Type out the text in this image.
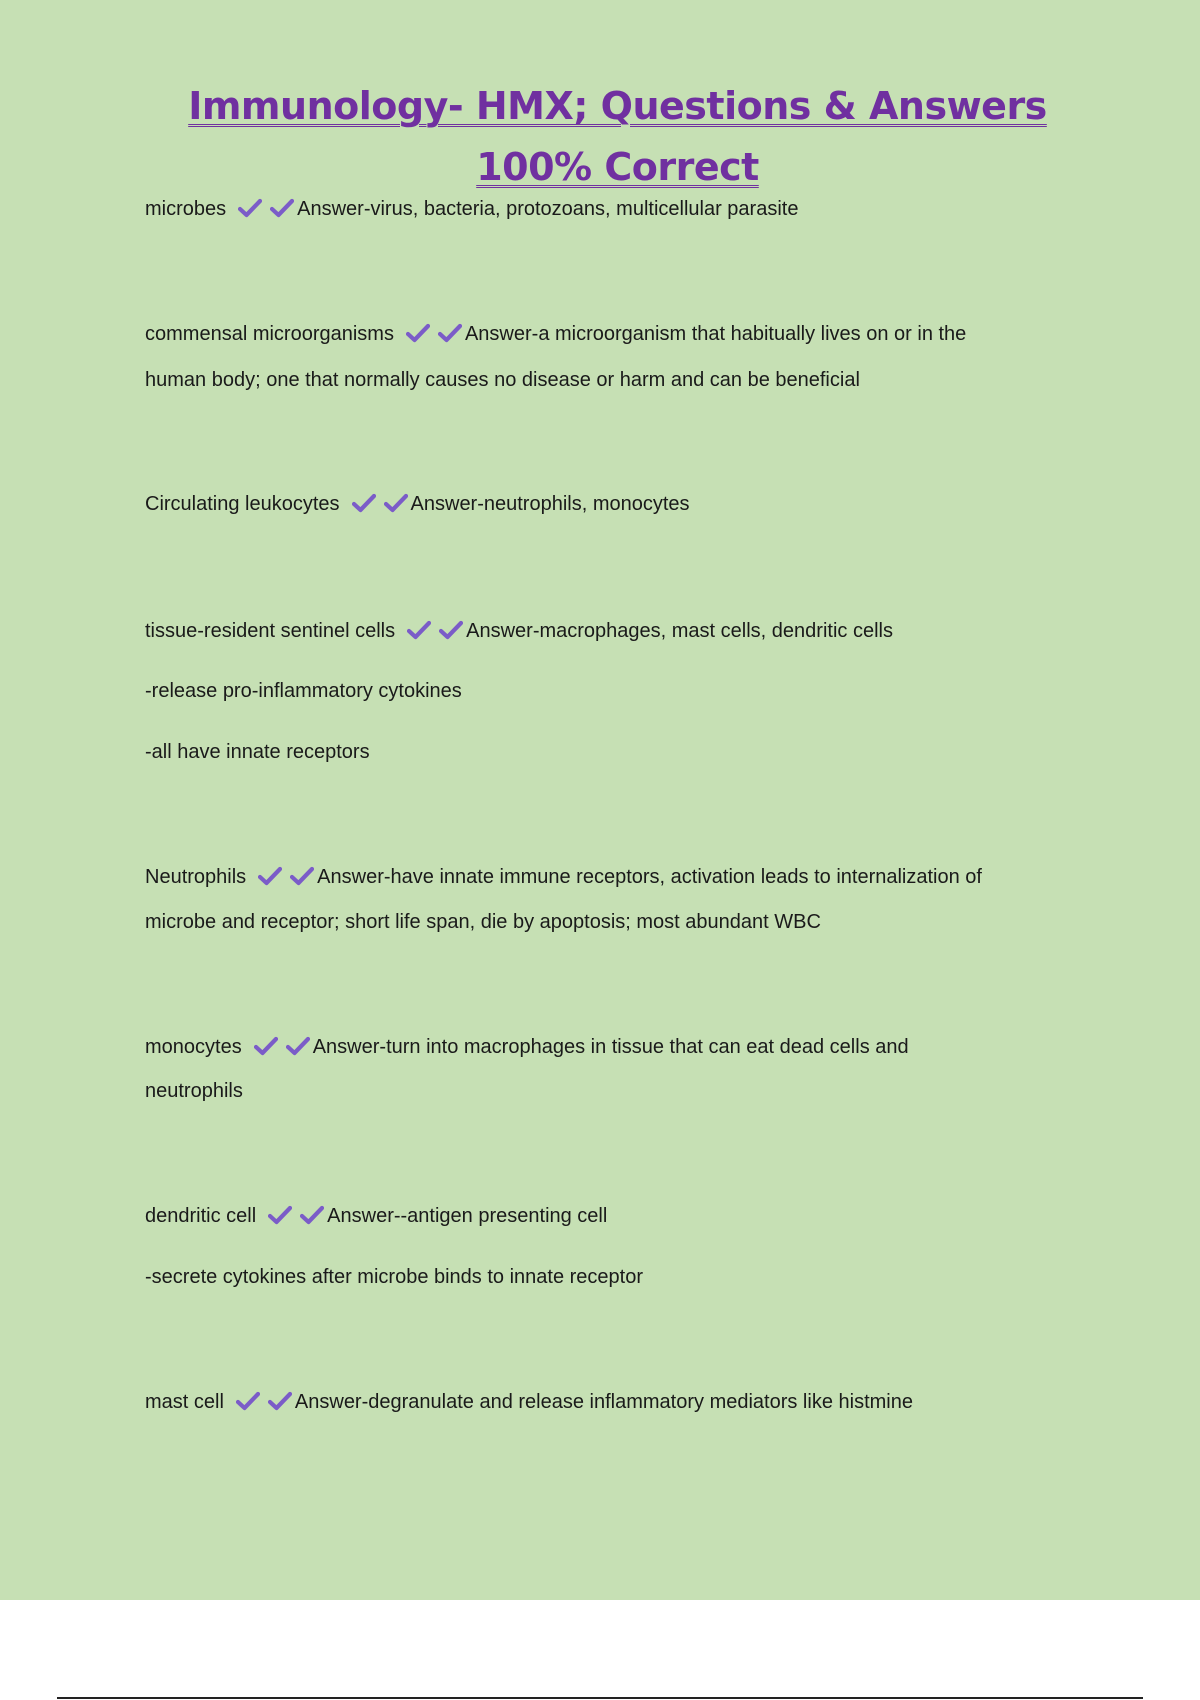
Immunology- HMX; Questions & Answers
100% Correct
microbes	Answer-virus, bacteria, protozoans, multicellular parasite
commensal microorganisms	Answer-a microorganism that habitually lives on or in the
human body; one that normally causes no disease or harm and can be beneficial
Circulating leukocytes	Answer-neutrophils, monocytes
tissue-resident sentinel cells	Answer-macrophages, mast cells, dendritic cells
-release pro-inflammatory cytokines
-all have innate receptors
Neutrophils	Answer-have innate immune receptors, activation leads to internalization of
microbe and receptor; short life span, die by apoptosis; most abundant WBC
monocytes	Answer-turn into macrophages in tissue that can eat dead cells and
neutrophils
dendritic cell	Answer--antigen presenting cell
-secrete cytokines after microbe binds to innate receptor
mast cell	Answer-degranulate and release inflammatory mediators like histmine
